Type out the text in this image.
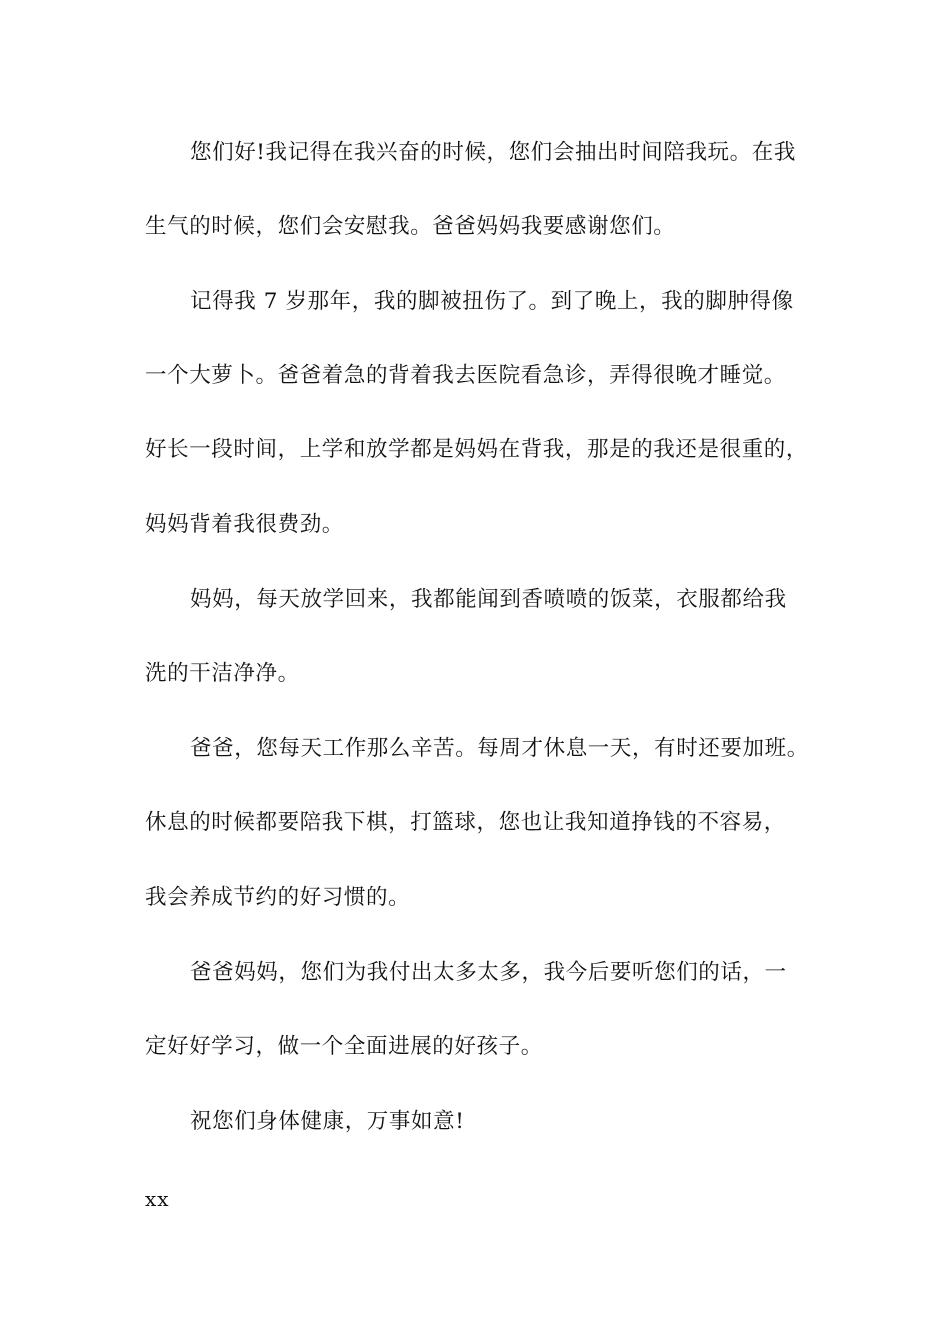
您们好!我记得在我兴奋的时候，您们会抽出时间陪我玩。在我
生气的时候，您们会安慰我。爸爸妈妈我要感谢您们。
记得我 7 岁那年，我的脚被扭伤了。到了晚上，我的脚肿得像
一个大萝卜。爸爸着急的背着我去医院看急诊，弄得很晚才睡觉。
好长一段时间，上学和放学都是妈妈在背我，那是的我还是很重的，
妈妈背着我很费劲。
妈妈，每天放学回来，我都能闻到香喷喷的饭菜，衣服都给我
洗的干洁净净。
爸爸，您每天工作那么辛苦。每周才休息一天，有时还要加班。
休息的时候都要陪我下棋，打篮球，您也让我知道挣钱的不容易，
我会养成节约的好习惯的。
爸爸妈妈，您们为我付出太多太多，我今后要听您们的话，一
定好好学习，做一个全面进展的好孩子。
祝您们身体健康，万事如意!
xx
